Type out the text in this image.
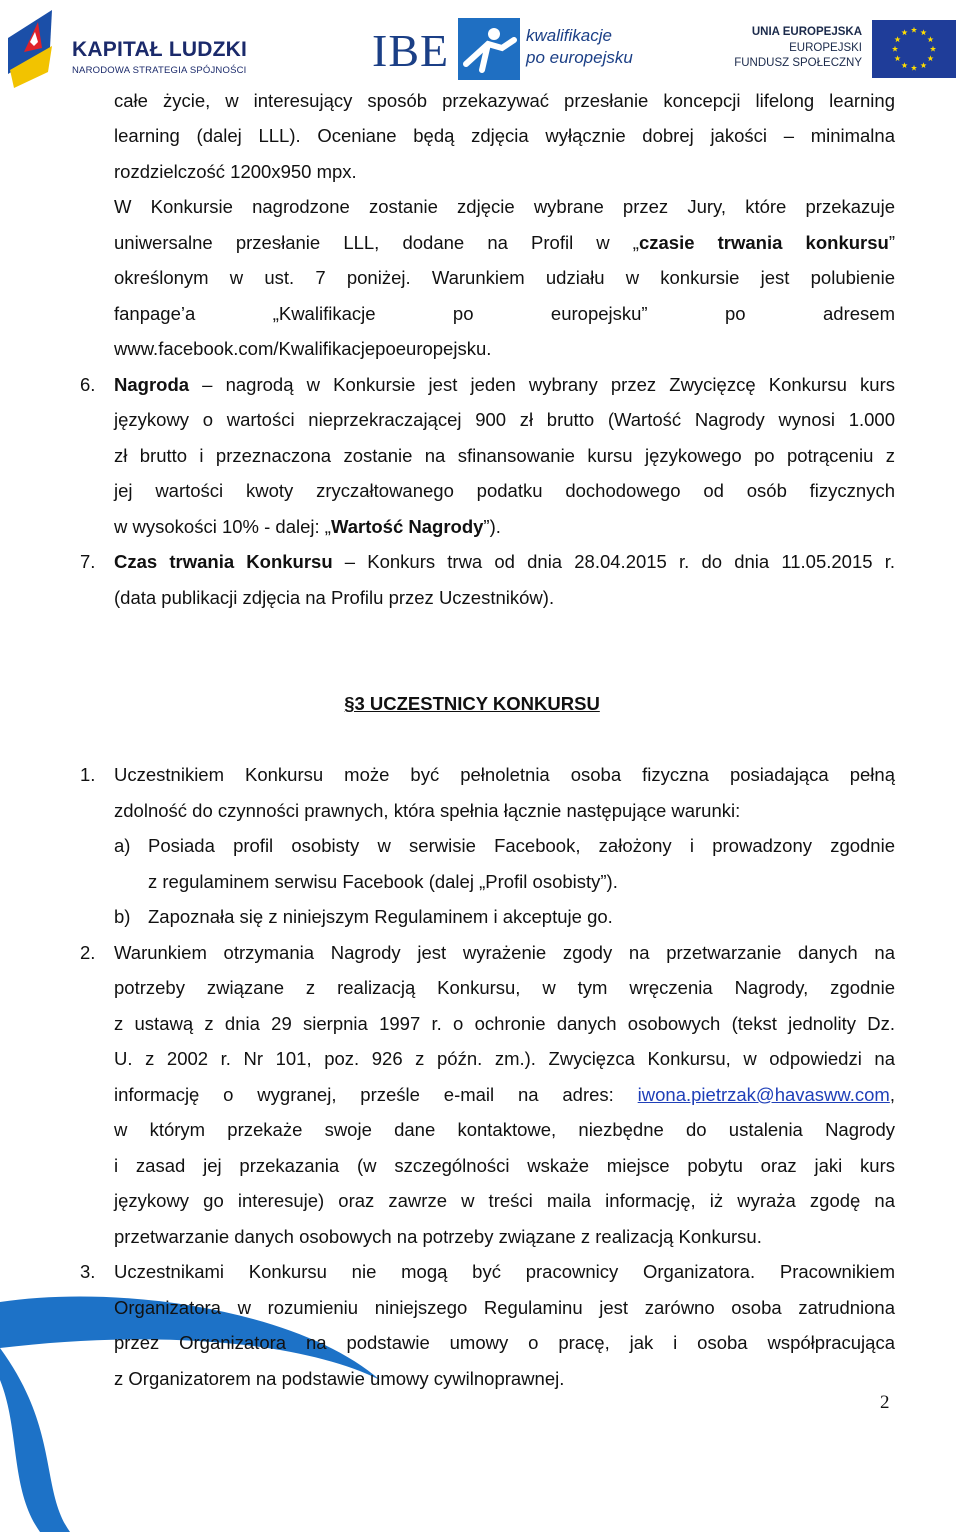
KAPITAŁ LUDZKI
NARODOWA STRATEGIA SPÓJNOŚCI	IBE	kwalifikacje
po europejsku
UNIA EUROPEJSKA
EUROPEJSKI
FUNDUSZ SPOŁECZNY
całe życie, w interesujący sposób przekazywać przesłanie koncepcji lifelong learning
learning (dalej LLL). Oceniane będą zdjęcia wyłącznie dobrej jakości – minimalna
rozdzielczość 1200x950 mpx.
W Konkursie nagrodzone zostanie zdjęcie wybrane przez Jury, które przekazuje
uniwersalne przesłanie LLL, dodane na Profil w „czasie trwania konkursu”
określonym w ust. 7 poniżej. Warunkiem udziału w konkursie jest polubienie
fanpage’a „Kwalifikacje po europejsku” po adresem
www.facebook.com/Kwalifikacjepoeuropejsku.
6. Nagroda – nagrodą w Konkursie jest jeden wybrany przez Zwycięzcę Konkursu kurs
językowy o wartości nieprzekraczającej 900 zł brutto (Wartość Nagrody wynosi 1.000
zł brutto i przeznaczona zostanie na sfinansowanie kursu językowego po potrąceniu z
jej wartości kwoty zryczałtowanego podatku dochodowego od osób fizycznych
w wysokości 10% - dalej: „Wartość Nagrody”).
7. Czas trwania Konkursu – Konkurs trwa od dnia 28.04.2015 r. do dnia 11.05.2015 r.
(data publikacji zdjęcia na Profilu przez Uczestników).
§3 UCZESTNICY KONKURSU
1. Uczestnikiem Konkursu może być pełnoletnia osoba fizyczna posiadająca pełną
zdolność do czynności prawnych, która spełnia łącznie następujące warunki:
a) Posiada profil osobisty w serwisie Facebook, założony i prowadzony zgodnie
z regulaminem serwisu Facebook (dalej „Profil osobisty”).
b) Zapoznała się z niniejszym Regulaminem i akceptuje go.
2. Warunkiem otrzymania Nagrody jest wyrażenie zgody na przetwarzanie danych na
potrzeby związane z realizacją Konkursu, w tym wręczenia Nagrody, zgodnie
z ustawą z dnia 29 sierpnia 1997 r. o ochronie danych osobowych (tekst jednolity Dz.
U. z 2002 r. Nr 101, poz. 926 z późn. zm.). Zwycięzca Konkursu, w odpowiedzi na
informację o wygranej, prześle e-mail na adres: iwona.pietrzak@havasww.com,
w którym przekaże swoje dane kontaktowe, niezbędne do ustalenia Nagrody
i zasad jej przekazania (w szczególności wskaże miejsce pobytu oraz jaki kurs
językowy go interesuje) oraz zawrze w treści maila informację, iż wyraża zgodę na
przetwarzanie danych osobowych na potrzeby związane z realizacją Konkursu.
3. Uczestnikami Konkursu nie mogą być pracownicy Organizatora. Pracownikiem
Organizatora w rozumieniu niniejszego Regulaminu jest zarówno osoba zatrudniona
przez Organizatora na podstawie umowy o pracę, jak i osoba współpracująca
z Organizatorem na podstawie umowy cywilnoprawnej.
2
